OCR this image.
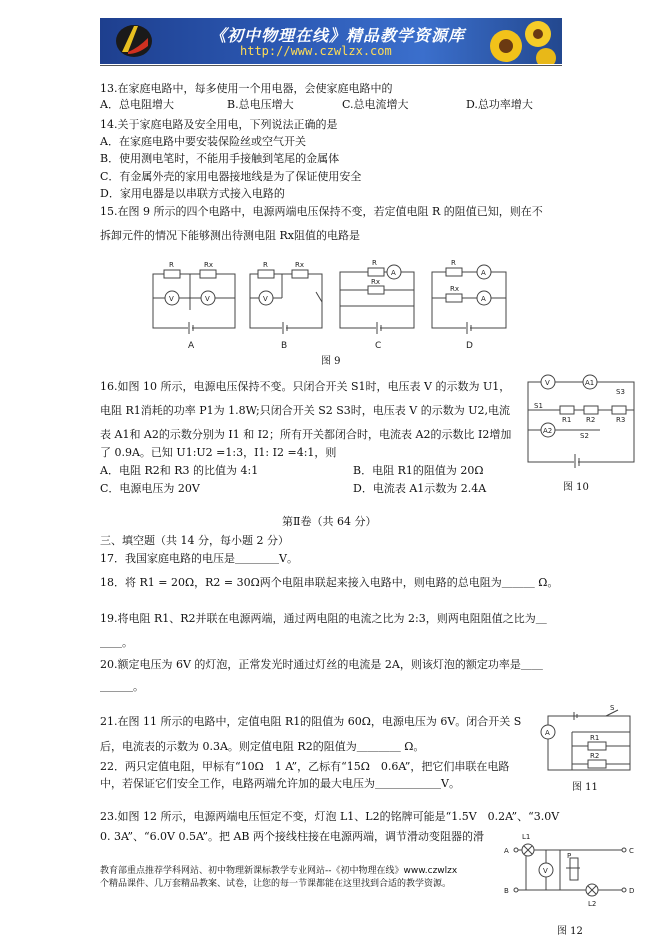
《初中物理在线》精品教学资源库
http://www.czwlzx.com
13.在家庭电路中，每多使用一个用电器，会使家庭电路中的
A．总电阻增大	B.总电压增大	C.总电流增大	D.总功率增大
14.关于家庭电路及安全用电，下列说法正确的是
A．在家庭电路中要安装保险丝或空气开关
B．使用测电笔时，不能用手接触到笔尾的金属体
C．有金属外壳的家用电器接地线是为了保证使用安全
D．家用电器是以串联方式接入电路的
15.在图 9 所示的四个电路中，电源两端电压保持不变，若定值电阻 R 的阻值已知，则在不
拆卸元件的情况下能够测出待测电阻 Rx阻值的电路是
R	Rx
V	V
R	Rx
V
R
Rx
A
R
Rx
A
A
A	B	C	D
图 9
16.如图 10 所示，电源电压保持不变。只闭合开关 S1时，电压表 V 的示数为 U1，
电阻 R1消耗的功率 P1为 1.8W;只闭合开关 S2 S3时，电压表 V 的示数为 U2,电流
表 A1和 A2的示数分别为 I1 和 I2；所有开关都闭合时，电流表 A2的示数比 I2增加
了 0.9A。已知 U1:U2 =1:3，I1: I2 =4:1，则
A．电阻 R2和 R3 的比值为 4:1	B．电阻 R1的阻值为 20Ω
C．电源电压为 20V	D．电流表 A1示数为 2.4A
V	A1
S3
S1
R1 R2	R3
A2
S2
图 10
第Ⅱ卷（共 64 分）
三、填空题（共 14 分，每小题 2 分）
17．我国家庭电路的电压是＿＿＿＿V。
18．将 R1 = 20Ω，R2 = 30Ω两个电阻串联起来接入电路中，则电路的总电阻为＿＿＿ Ω。
19.将电阻 R1、R2并联在电源两端，通过两电阻的电流之比为 2:3，则两电阻阻值之比为＿
＿＿。
20.额定电压为 6V 的灯泡，正常发光时通过灯丝的电流是 2A，则该灯泡的额定功率是＿＿
＿＿＿。
21.在图 11 所示的电路中，定值电阻 R1的阻值为 60Ω，电源电压为 6V。闭合开关 S
后，电流表的示数为 0.3A。则定值电阻 R2的阻值为＿＿＿＿ Ω。
S
A
R1
R2
图 11
22．两只定值电阻，甲标有“10Ω　1 A”，乙标有“15Ω　0.6A”，把它们串联在电路
中，若保证它们安全工作，电路两端允许加的最大电压为＿＿＿＿＿＿V。
23.如图 12 所示，电源两端电压恒定不变，灯泡 L1、L2的铭牌可能是“1.5V　0.2A”、“3.0V
0. 3A”、“6.0V 0.5A”。把 AB 两个接线柱接在电源两端，调节滑动变阻器的滑	L1
A
V
P
C
B	D
L2
图 12
教育部重点推荐学科网站、初中物理新课标教学专业网站--《初中物理在线》www.czwlzx
个精品课件、几万套精品教案、试卷，让您的每一节课都能在这里找到合适的教学资源。
